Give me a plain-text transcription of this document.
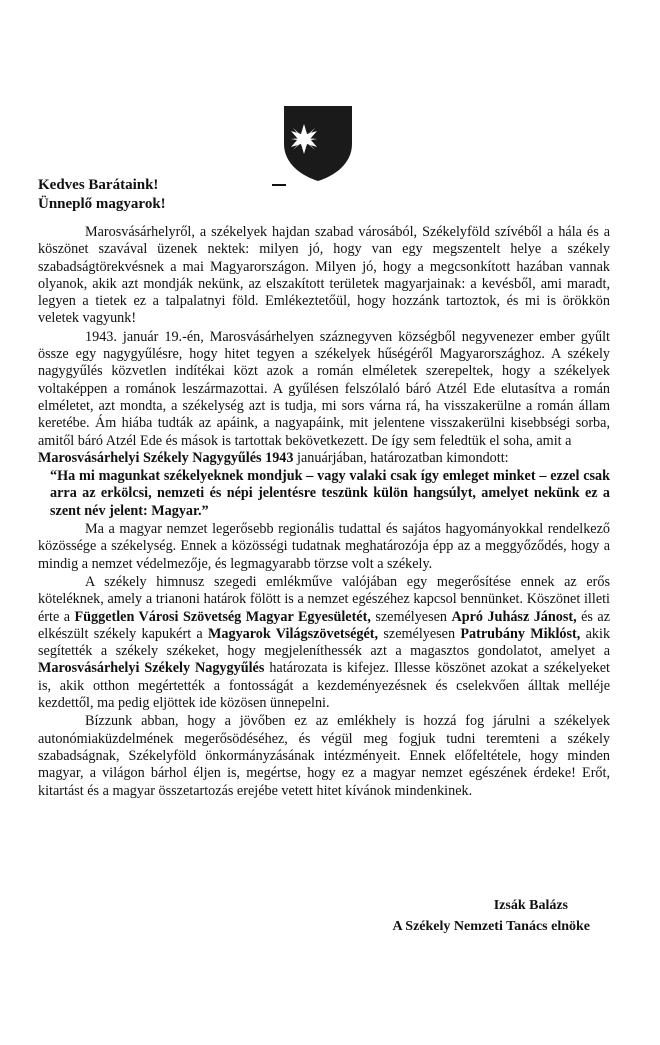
Kedves Barátaink!
Ünneplő magyarok!

Marosvásárhelyről, a székelyek hajdan szabad városából, Székelyföld szívéből a hála és a köszönet szavával üzenek nektek: milyen jó, hogy van egy megszentelt helye a székely szabadságtörekvésnek a mai Magyarországon. Milyen jó, hogy a megcsonkított hazában vannak olyanok, akik azt mondják nekünk, az elszakított területek magyarjainak: a kevésből, ami maradt, legyen a tietek ez a talpalatnyi föld. Emlékeztetőül, hogy hozzánk tartoztok, és mi is örökkön veletek vagyunk!

1943. január 19.-én, Marosvásárhelyen száznegyven községből negyvenezer ember gyűlt össze egy nagygyűlésre, hogy hitet tegyen a székelyek hűségéről Magyarországhoz. A székely nagygyűlés közvetlen indítékai közt azok a román elméletek szerepeltek, hogy a székelyek voltaképpen a románok leszármazottai. A gyűlésen felszólaló báró Atzél Ede elutasítva a román elméletet, azt mondta, a székelység azt is tudja, mi sors várna rá, ha visszakerülne a román állam keretébe. Ám hiába tudták az apáink, a nagyapáink, mit jelentene visszakerülni kisebbségi sorba, amitől báró Atzél Ede és mások is tartottak bekövetkezett. De így sem feledtük el soha, amit a
Marosvásárhelyi Székely Nagygyűlés 1943 januárjában, határozatban kimondott:

“Ha mi magunkat székelyeknek mondjuk – vagy valaki csak így emleget minket – ezzel csak arra az erkölcsi, nemzeti és népi jelentésre teszünk külön hangsúlyt, amelyet nekünk ez a szent név jelent: Magyar.”

Ma a magyar nemzet legerősebb regionális tudattal és sajátos hagyományokkal rendelkező közössége a székelység. Ennek a közösségi tudatnak meghatározója épp az a meggyőződés, hogy a mindig a nemzet védelmezője, és legmagyarabb törzse volt a székely.

A székely himnusz szegedi emlékműve valójában egy megerősítése ennek az erős köteléknek, amely a trianoni határok fölött is a nemzet egészéhez kapcsol bennünket. Köszönet illeti érte a Független Városi Szövetség Magyar Egyesületét, személyesen Apró Juhász Jánost, és az elkészült székely kapukért a Magyarok Világszövetségét, személyesen Patrubány Miklóst, akik segítették a székely székeket, hogy megjeleníthessék azt a magasztos gondolatot, amelyet a Marosvásárhelyi Székely Nagygyűlés határozata is kifejez. Illesse köszönet azokat a székelyeket is, akik otthon megértették a fontosságát a kezdeményezésnek és cselekvően álltak melléje kezdettől, ma pedig eljöttek ide közösen ünnepelni.

Bízzunk abban, hogy a jövőben ez az emlékhely is hozzá fog járulni a székelyek autonómiaküzdelmének megerősödéséhez, és végül meg fogjuk tudni teremteni a székely szabadságnak, Székelyföld önkormányzásának intézményeit. Ennek előfeltétele, hogy minden magyar, a világon bárhol éljen is, megértse, hogy ez a magyar nemzet egészének érdeke! Erőt, kitartást és a magyar összetartozás erejébe vetett hitet kívánok mindenkinek.

Izsák Balázs
A Székely Nemzeti Tanács elnöke
